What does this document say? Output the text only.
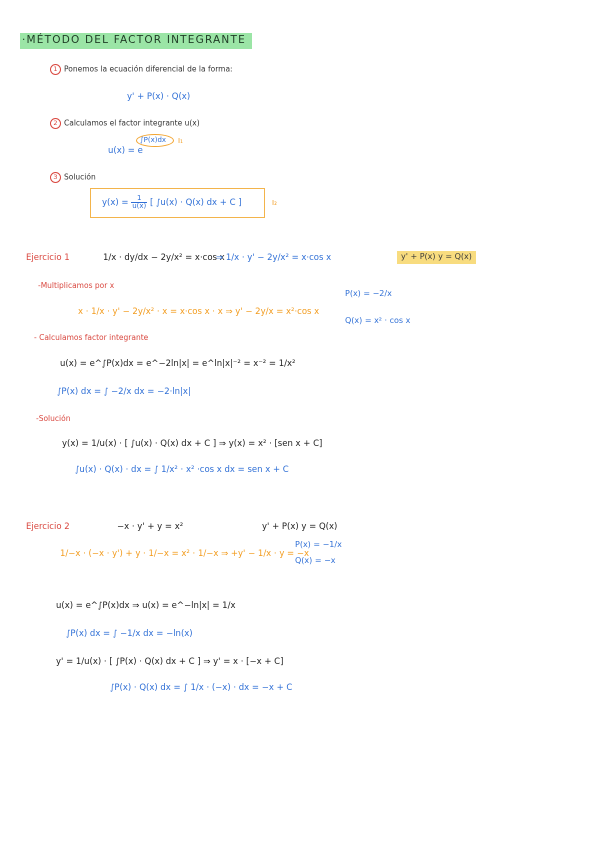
·MÉTODO DEL FACTOR INTEGRANTE
1 Ponemos la ecuación diferencial de la forma:
y' + P(x) · Q(x)
2 Calculamos el factor integrante u(x)
∫P(x)dx
u(x) = e
I₁
3 Solución
$y(x) = \frac{1}{u(x)}$ [ ∫u(x) · Q(x) dx + C ]	I₂
Ejercicio 1	1/x · dy/dx − 2y/x² = x·cos x
⇒ 1/x · y' − 2y/x² = x·cos x	y' + P(x) y = Q(x)
-Multiplicamos por x
x · 1/x · y' − 2y/x² · x = x·cos x · x ⇒ y' − 2y/x = x²·cos x
P(x) = −2/x
Q(x) = x² · cos x
- Calculamos factor integrante
u(x) = e^∫P(x)dx = e^−2ln|x| = e^ln|x|⁻² = x⁻² = 1/x²
∫P(x) dx = ∫ −2/x dx = −2·ln|x|
-Solución
y(x) = 1/u(x) · [ ∫u(x) · Q(x) dx + C ] ⇒ y(x) = x² · [sen x + C]
∫u(x) · Q(x) · dx = ∫ 1/x² · x² ·cos x dx = sen x + C
Ejercicio 2	−x · y' + y = x²	y' + P(x) y = Q(x)
1/−x · (−x · y') + y · 1/−x = x² · 1/−x ⇒ +y' − 1/x · y = −x
P(x) = −1/x
Q(x) = −x
u(x) = e^∫P(x)dx ⇒ u(x) = e^−ln|x| = 1/x
∫P(x) dx = ∫ −1/x dx = −ln(x)
y' = 1/u(x) · [ ∫P(x) · Q(x) dx + C ] ⇒ y' = x · [−x + C]
∫P(x) · Q(x) dx = ∫ 1/x · (−x) · dx = −x + C
